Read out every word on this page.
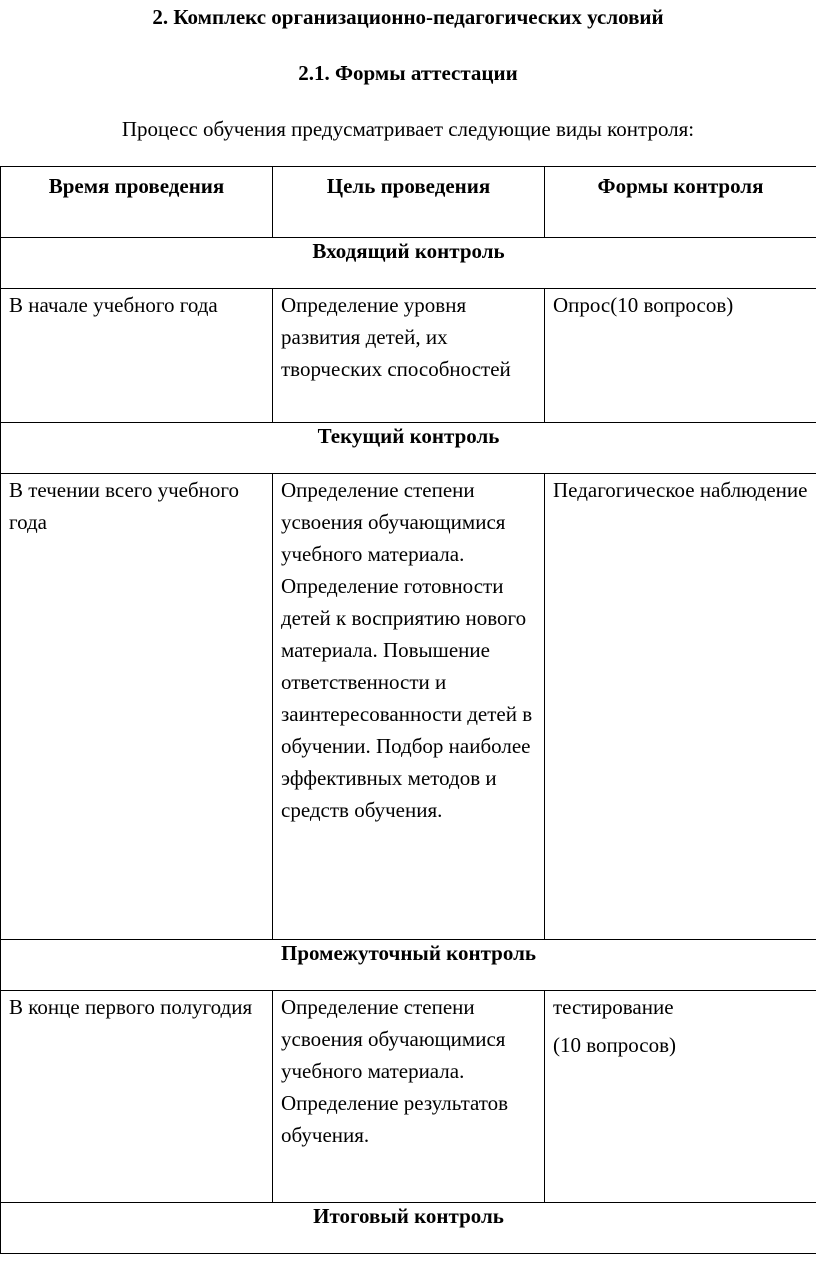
2. Комплекс организационно-педагогических условий

2.1. Формы аттестации

Процесс обучения предусматривает следующие виды контроля:

Время проведения	Цель проведения	Формы контроля
Входящий контроль		
В начале учебного года	Определение уровня развития детей, их творческих способностей	Опрос(10 вопросов)
Текущий контроль		
В течении всего учебного года	Определение степени усвоения обучающимися учебного материала. Определение готовности детей к восприятию нового материала. Повышение ответственности и заинтересованности детей в обучении. Подбор наиболее эффективных методов и средств обучения.	Педагогическое наблюдение
Промежуточный контроль		
В конце первого полугодия	Определение степени усвоения обучающимися учебного материала. Определение результатов обучения.	тестирование
(10 вопросов)

Итоговый контроль		
